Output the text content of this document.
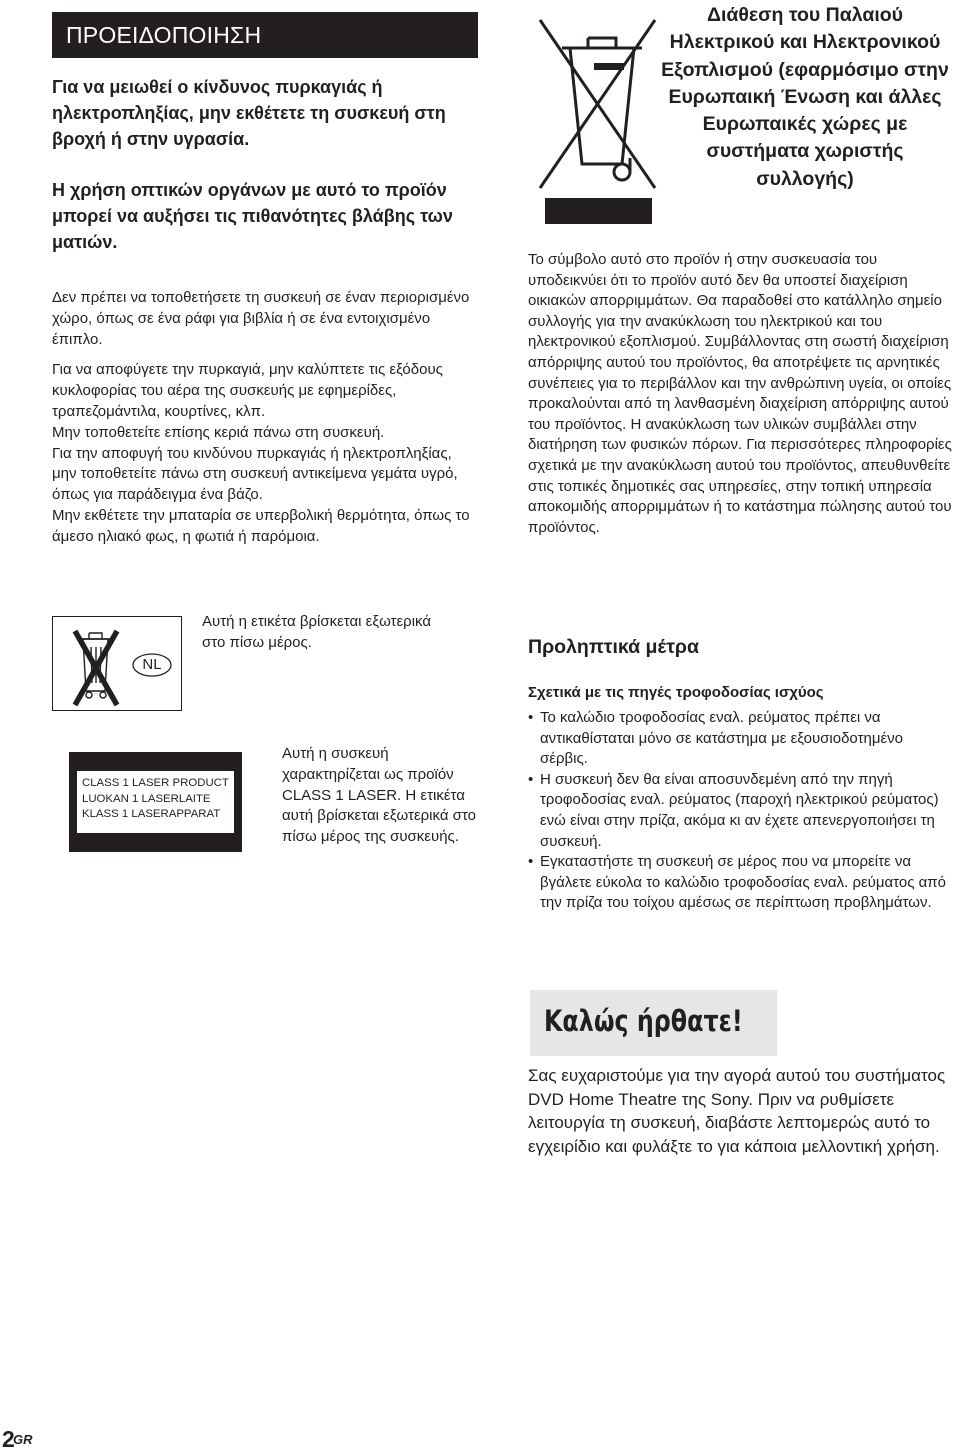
ΠΡΟΕΙΔΟΠΟΙΗΣΗ

Για να μειωθεί ο κίνδυνος πυρκαγιάς ή ηλεκτροπληξίας, μην εκθέτετε τη συσκευή στη βροχή ή στην υγρασία.

Η χρήση οπτικών οργάνων με αυτό το προϊόν μπορεί να αυξήσει τις πιθανότητες βλάβης των ματιών.

Δεν πρέπει να τοποθετήσετε τη συσκευή σε έναν περιορισμένο χώρο, όπως σε ένα ράφι για βιβλία ή σε ένα εντοιχισμένο έπιπλο.

Για να αποφύγετε την πυρκαγιά, μην καλύπτετε τις εξόδους κυκλοφορίας του αέρα της συσκευής με εφημερίδες, τραπεζομάντιλα, κουρτίνες, κλπ.

Μην τοποθετείτε επίσης κεριά πάνω στη συσκευή.

Για την αποφυγή του κινδύνου πυρκαγιάς ή ηλεκτροπληξίας, μην τοποθετείτε πάνω στη συσκευή αντικείμενα γεμάτα υγρό, όπως για παράδειγμα ένα βάζο.

Μην εκθέτετε την μπαταρία σε υπερβολική θερμότητα, όπως το άμεσο ηλιακό φως, η φωτιά ή παρόμοια.

NL
Αυτή η ετικέτα βρίσκεται εξωτερικά στο πίσω μέρος.
CLASS 1 LASER PRODUCT
LUOKAN 1 LASERLAITE
KLASS 1 LASERAPPARAT
Αυτή η συσκευή χαρακτηρίζεται ως προϊόν CLASS 1 LASER. Η ετικέτα αυτή βρίσκεται εξωτερικά στο πίσω μέρος της συσκευής.
Διάθεση του Παλαιού Ηλεκτρικού και Ηλεκτρονικού Εξοπλισμού (εφαρμόσιμο στην Ευρωπαική Ένωση και άλλες Ευρωπαικές χώρες με συστήματα χωριστής συλλογής)
Το σύμβολο αυτό στο προϊόν ή στην συσκευασία του υποδεικνύει ότι το προϊόν αυτό δεν θα υποστεί διαχείριση οικιακών απορριμμάτων. Θα παραδοθεί στο κατάλληλο σημείο συλλογής για την ανακύκλωση του ηλεκτρικού και του ηλεκτρονικού εξοπλισμού. Συμβάλλοντας στη σωστή διαχείριση απόρριψης αυτού του προϊόντος, θα αποτρέψετε τις αρνητικές συνέπειες για το περιβάλλον και την ανθρώπινη υγεία, οι οποίες προκαλούνται από τη λανθασμένη διαχείριση απόρριψης αυτού του προϊόντος. Η ανακύκλωση των υλικών συμβάλλει στην διατήρηση των φυσικών πόρων. Για περισσότερες πληροφορίες σχετικά με την ανακύκλωση αυτού του προϊόντος, απευθυνθείτε στις τοπικές δημοτικές σας υπηρεσίες, στην τοπική υπηρεσία αποκομιδής απορριμμάτων ή το κατάστημα πώλησης αυτού του προϊόντος.
Προληπτικά μέτρα
Σχετικά με τις πηγές τροφοδοσίας ισχύος
• Το καλώδιο τροφοδοσίας εναλ. ρεύματος πρέπει να αντικαθίσταται μόνο σε κατάστημα με εξουσιοδοτημένο σέρβις.
• Η συσκευή δεν θα είναι αποσυνδεμένη από την πηγή τροφοδοσίας εναλ. ρεύματος (παροχή ηλεκτρικού ρεύματος) ενώ είναι στην πρίζα, ακόμα κι αν έχετε απενεργοποιήσει τη συσκευή.
• Εγκαταστήστε τη συσκευή σε μέρος που να μπορείτε να βγάλετε εύκολα το καλώδιο τροφοδοσίας εναλ. ρεύματος από την πρίζα του τοίχου αμέσως σε περίπτωση προβλημάτων.
Καλώς ήρθατε!
Σας ευχαριστούμε για την αγορά αυτού του συστήματος DVD Home Theatre της Sony. Πριν να ρυθμίσετε λειτουργία τη συσκευή, διαβάστε λεπτομερώς αυτό το εγχειρίδιο και φυλάξτε το για κάποια μελλοντική χρήση.
2
GR
